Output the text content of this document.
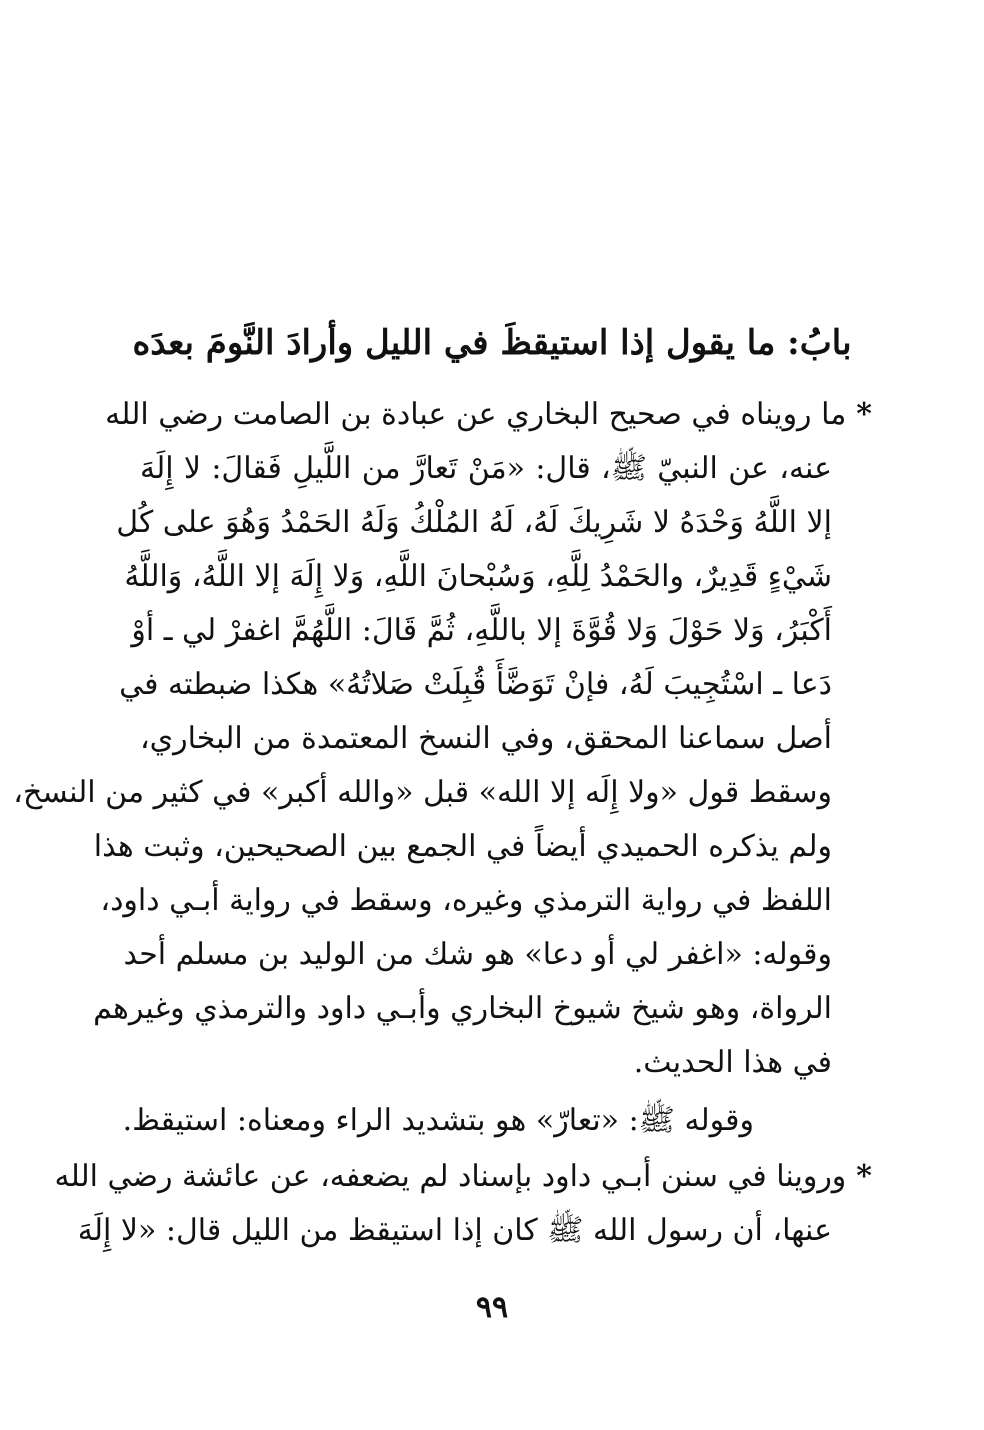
بابُ: ما يقول إذا استيقظَ في الليل وأرادَ النَّومَ بعدَه
*ما رويناه في صحيح البخاري عن عبادة بن الصامت رضي الله
عنه، عن النبيّ ﷺ، قال: «مَنْ تَعارَّ من اللَّيلِ فَقالَ: لا إِلَهَ
إلا اللَّهُ وَحْدَهُ لا شَرِيكَ لَهُ، لَهُ المُلْكُ وَلَهُ الحَمْدُ وَهُوَ على كُل
شَيْءٍ قَدِيرٌ، والحَمْدُ لِلَّهِ، وَسُبْحانَ اللَّهِ، وَلا إِلَهَ إلا اللَّهُ، وَاللَّهُ
أَكْبَرُ، وَلا حَوْلَ وَلا قُوَّةَ إلا باللَّهِ، ثُمَّ قَالَ: اللَّهُمَّ اغفرْ لي ـ أوْ
دَعا ـ اسْتُجِيبَ لَهُ، فإنْ تَوَضَّأَ قُبِلَتْ صَلاتُهُ» هكذا ضبطته في
أصل سماعنا المحقق، وفي النسخ المعتمدة من البخاري،
وسقط قول «ولا إِلَه إلا الله» قبل «والله أكبر» في كثير من النسخ،
ولم يذكره الحميدي أيضاً في الجمع بين الصحيحين، وثبت هذا
اللفظ في رواية الترمذي وغيره، وسقط في رواية أبـي داود،
وقوله: «اغفر لي أو دعا» هو شك من الوليد بن مسلم أحد
الرواة، وهو شيخ شيوخ البخاري وأبـي داود والترمذي وغيرهم
في هذا الحديث.
وقوله ﷺ: «تعارّ» هو بتشديد الراء ومعناه: استيقظ.
*وروينا في سنن أبـي داود بإسناد لم يضعفه، عن عائشة رضي الله
عنها، أن رسول الله ﷺ كان إذا استيقظ من الليل قال: «لا إِلَهَ
٩٩
